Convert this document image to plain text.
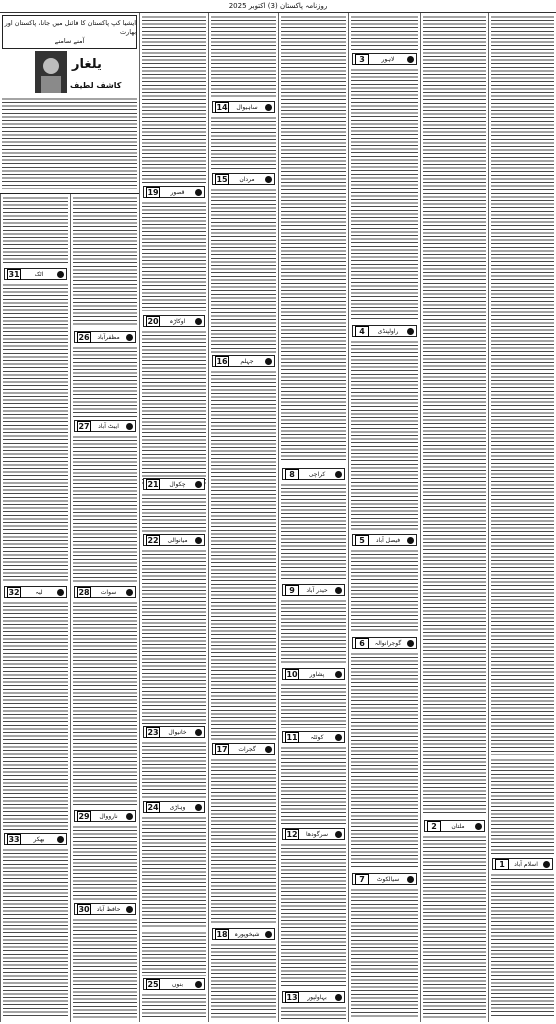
روزنامہ پاکستان (3) اکتوبر 2025
اسلام آباد
1
ملتان
2
لاہور
3
راولپنڈی
4
فیصل آباد
5
گوجرانوالہ
6
سیالکوٹ
7
کراچی
8
حیدر آباد
9
پشاور
10
کوئٹہ
11
سرگودھا
12
بہاولپور
13
ساہیوال
14
مردان
15
جہلم
16
گجرات
17
شیخوپورہ
18
قصور
19
اوکاڑہ
20
چکوال
21
میانوالی
22
خانیوال
23
وہاڑی
24
بنوں
25
مظفرآباد
26
ایبٹ آباد
27
سوات
28
نارووال
29
حافظ آباد
30
اٹک
31
لیہ
32
بھکر
33
ایشیا کپ پاکستان کا فائنل میں جانا، پاکستان اور بھارت
آمنے سامنے
یلغار
کاشف لطیف
